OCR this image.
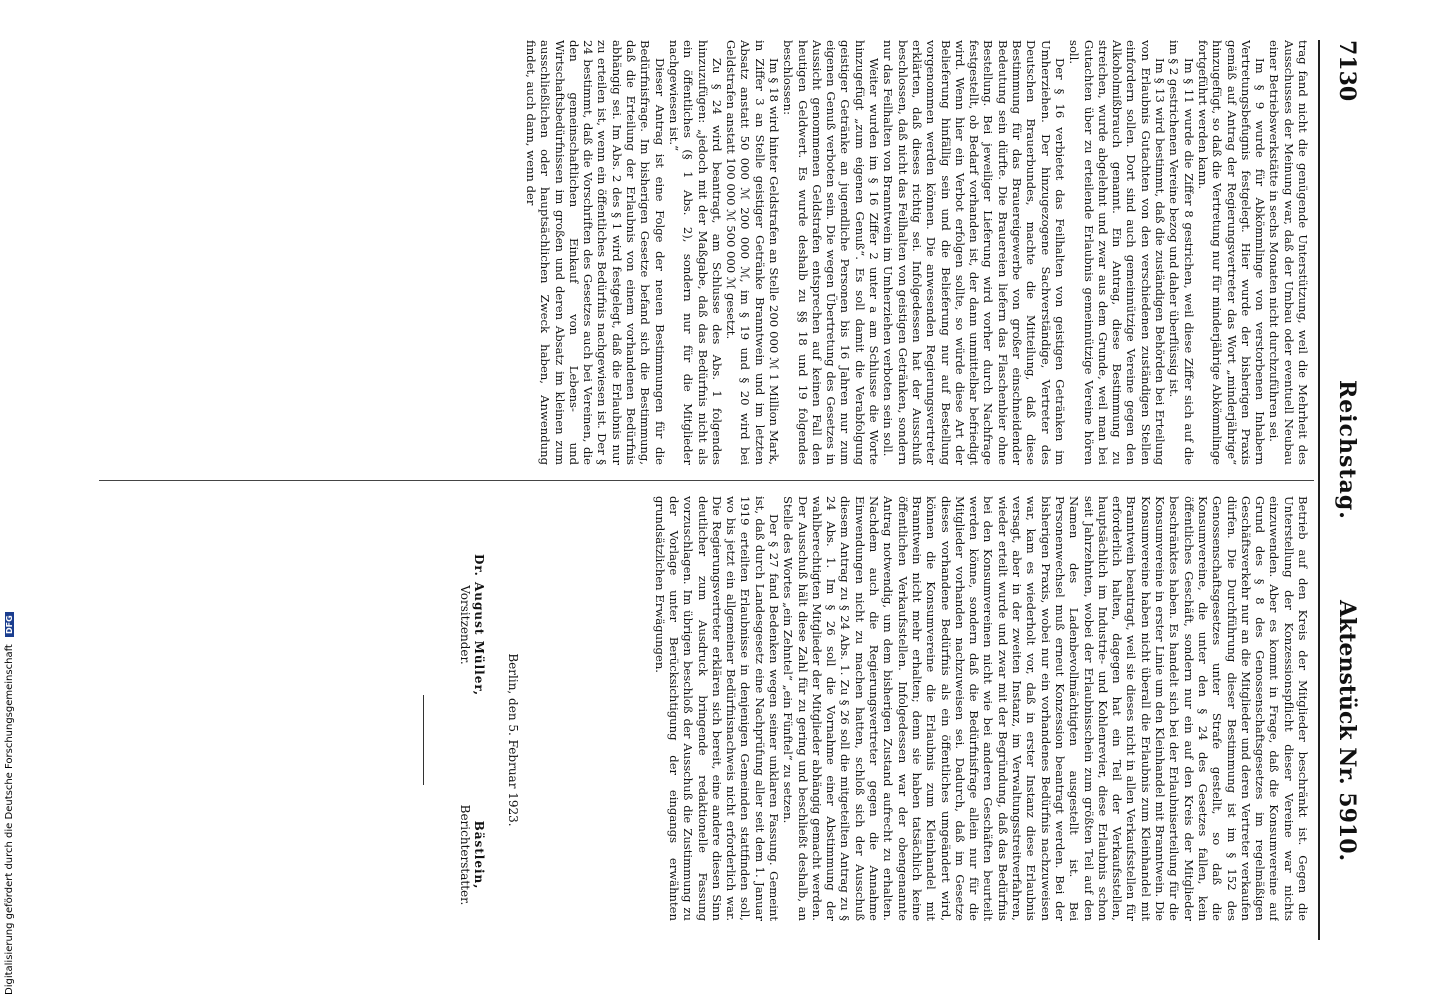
7130
Reichstag.
Aktenstück Nr. 5910.

trag fand nicht die genügende Unterstützung, weil die Mehrheit des Ausschusses der Meinung war, daß der Umbau oder eventuell Neubau einer Betriebswerkstätte in sechs Monaten nicht durchzuführen sei.

Im § 9 wurde für Abkömmlinge von verstorbenen Inhabern Vertretungsbefugnis festgelegt. Hier wurde der bisherigen Praxis gemäß auf Antrag der Regierungsvertreter das Wort „minderjährige“ hinzugefügt, so daß die Vertretung nur für minderjährige Abkömmlinge fortgeführt werden kann.

Im § 11 wurde die Ziffer 8 gestrichen, weil diese Ziffer sich auf die im § 2 gestrichenen Vereine bezog und daher überflüssig ist.

Im § 13 wird bestimmt, daß die zuständigen Behörden bei Erteilung von Erlaubnis Gutachten von den verschiedenen zuständigen Stellen einfordern sollen. Dort sind auch gemeinnützige Vereine gegen den Alkoholmißbrauch genannt. Ein Antrag, diese Bestimmung zu streichen, wurde abgelehnt und zwar aus dem Grunde, weil man bei Gutachten über zu erteilende Erlaubnis gemeinnützige Vereine hören soll.

Der § 16 verbietet das Feilhalten von geistigen Getränken im Umherziehen. Der hinzugezogene Sachverständige, Vertreter des Deutschen Brauerbundes, machte die Mitteilung, daß diese Bestimmung für das Brauereigewerbe von großer einschneidender Bedeutung sein dürfte. Die Brauereien liefern das Flaschenbier ohne Bestellung. Bei jeweiliger Lieferung wird vorher durch Nachfrage festgestellt, ob Bedarf vorhanden ist, der dann unmittelbar befriedigt wird. Wenn hier ein Verbot erfolgen sollte, so würde diese Art der Belieferung hinfällig sein und die Belieferung nur auf Bestellung vorgenommen werden können. Die anwesenden Regierungsvertreter erklärten, daß dieses richtig sei. Infolgedessen hat der Ausschuß beschlossen, daß nicht das Feilhalten von geistigen Getränken, sondern nur das Feilhalten von Branntwein im Umherziehen verboten sein soll.

Weiter wurden im § 16 Ziffer 2 unter a am Schlusse die Worte hinzugefügt „zum eigenen Genuß“. Es soll damit die Verabfolgung geistiger Getränke an jugendliche Personen bis 16 Jahren nur zum eigenen Genuß verboten sein. Die wegen Übertretung des Gesetzes in Aussicht genommenen Geldstrafen entsprechen auf keinen Fall den heutigen Geldwert. Es wurde deshalb zu §§ 18 und 19 folgendes beschlossen:

Im § 18 wird hinter Geldstrafen an Stelle 200 000 ℳ 1 Million Mark, in Ziffer 3 an Stelle geistiger Getränke Branntwein und im letzten Absatz anstatt 50 000 ℳ 200 000 ℳ, im § 19 und § 20 wird bei Geldstrafen anstatt 100 000 ℳ 500 000 ℳ gesetzt.

Zu § 24 wird beantragt, am Schlusse des Abs. 1 folgendes hinzuzufügen: „jedoch mit der Maßgabe, daß das Bedürfnis nicht als ein öffentliches (§ 1 Abs. 2), sondern nur für die Mitglieder nachgewiesen ist.“

Dieser Antrag ist eine Folge der neuen Bestimmungen für die Bedürfnisfrage. Im bisherigen Gesetze befand sich die Bestimmung, daß die Erteilung der Erlaubnis von einem vorhandenen Bedürfnis abhängig sei. Im Abs. 2 des § 1 wird festgelegt, daß die Erlaubnis nur zu erteilen ist, wenn ein öffentliches Bedürfnis nachgewiesen ist. Der § 24 bestimmt, daß die Vorschriften des Gesetzes auch bei Vereinen, die den gemeinschaftlichen Einkauf von Lebens- und Wirtschaftsbedürfnissen im großen und deren Absatz im kleinen zum ausschließlichen oder hauptsächlichen Zweck haben, Anwendung findet, auch dann, wenn der

Betrieb auf den Kreis der Mitglieder beschränkt ist. Gegen die Unterstellung der Konzessionspflicht dieser Vereine war nichts einzuwenden. Aber es kommt in Frage, daß die Konsumvereine auf Grund des § 8 des Genossenschaftsgesetzes im regelmäßigen Geschäftsverkehr nur an die Mitglieder und deren Vertreter verkaufen dürfen. Die Durchführung dieser Bestimmung ist im § 152 des Genossenschaftsgesetzes unter Strafe gestellt, so daß die Konsumvereine, die unter den § 24 des Gesetzes fallen, kein öffentliches Geschäft, sondern nur ein auf den Kreis der Mitglieder beschränktes haben. Es handelt sich bei der Erlaubniserteilung für die Konsumvereine in erster Linie um den Kleinhandel mit Branntwein. Die Konsumvereine haben nicht überall die Erlaubnis zum Kleinhandel mit Branntwein beantragt, weil sie dieses nicht in allen Verkaufsstellen für erforderlich halten, dagegen hat ein Teil der Verkaufsstellen, hauptsächlich im Industrie- und Kohlenrevier, diese Erlaubnis schon seit Jahrzehnten, wobei der Erlaubnisschein zum größten Teil auf den Namen des Ladenbevollmächtigten ausgestellt ist. Bei Personenwechsel muß erneut Konzession beantragt werden. Bei der bisherigen Praxis, wobei nur ein vorhandenes Bedürfnis nachzuweisen war, kam es wiederholt vor, daß in erster Instanz diese Erlaubnis versagt, aber in der zweiten Instanz, im Verwaltungsstreitverfahren, wieder erteilt wurde und zwar mit der Begründung, daß das Bedürfnis bei den Konsumvereinen nicht wie bei anderen Geschäften beurteilt werden könne, sondern daß die Bedürfnisfrage allein nur für die Mitglieder vorhanden nachzuweisen sei. Dadurch, daß im Gesetze dieses vorhandene Bedürfnis als ein öffentliches umgeändert wird, können die Konsumvereine die Erlaubnis zum Kleinhandel mit Branntwein nicht mehr erhalten; denn sie haben tatsächlich keine öffentlichen Verkaufsstellen. Infolgedessen war der obengenannte Antrag notwendig, um dem bisherigen Zustand aufrecht zu erhalten. Nachdem auch die Regierungsvertreter gegen die Annahme Einwendungen nicht zu machen hatten, schloß sich der Ausschuß diesem Antrag zu § 24 Abs. 1. Zu § 26 soll die mitgeteilten Antrag zu § 24 Abs. 1. Im § 26 soll die Vornahme einer Abstimmung der wahlberechtigten Mitglieder der Mitglieder abhängig gemacht werden. Der Ausschuß hält diese Zahl für zu gering und beschließt deshalb, an Stelle des Wortes „ein Zehntel“ „ein Fünftel“ zu setzen.

Der § 27 fand Bedenken wegen seiner unklaren Fassung. Gemeint ist, daß durch Landesgesetz eine Nachprüfung aller seit dem 1. Januar 1919 erteilten Erlaubnisse in denjenigen Gemeinden stattfinden soll, wo bis jetzt ein allgemeiner Bedürfnisnachweis nicht erforderlich war. Die Regierungsvertreter erklären sich bereit, eine andere diesen Sinn deutlicher zum Ausdruck bringende redaktionelle Fassung vorzuschlagen. Im übrigen beschloß der Ausschuß die Zustimmung zu der Vorlage unter Berücksichtigung der eingangs erwähnten grundsätzlichen Erwägungen.

Berlin, den 5. Februar 1923.
Dr. August Müller,
Vorsitzender.
Bästlein,
Berichterstatter.
Digitalisierung gefördert durch die Deutsche Forschungsgemeinschaft DFG
